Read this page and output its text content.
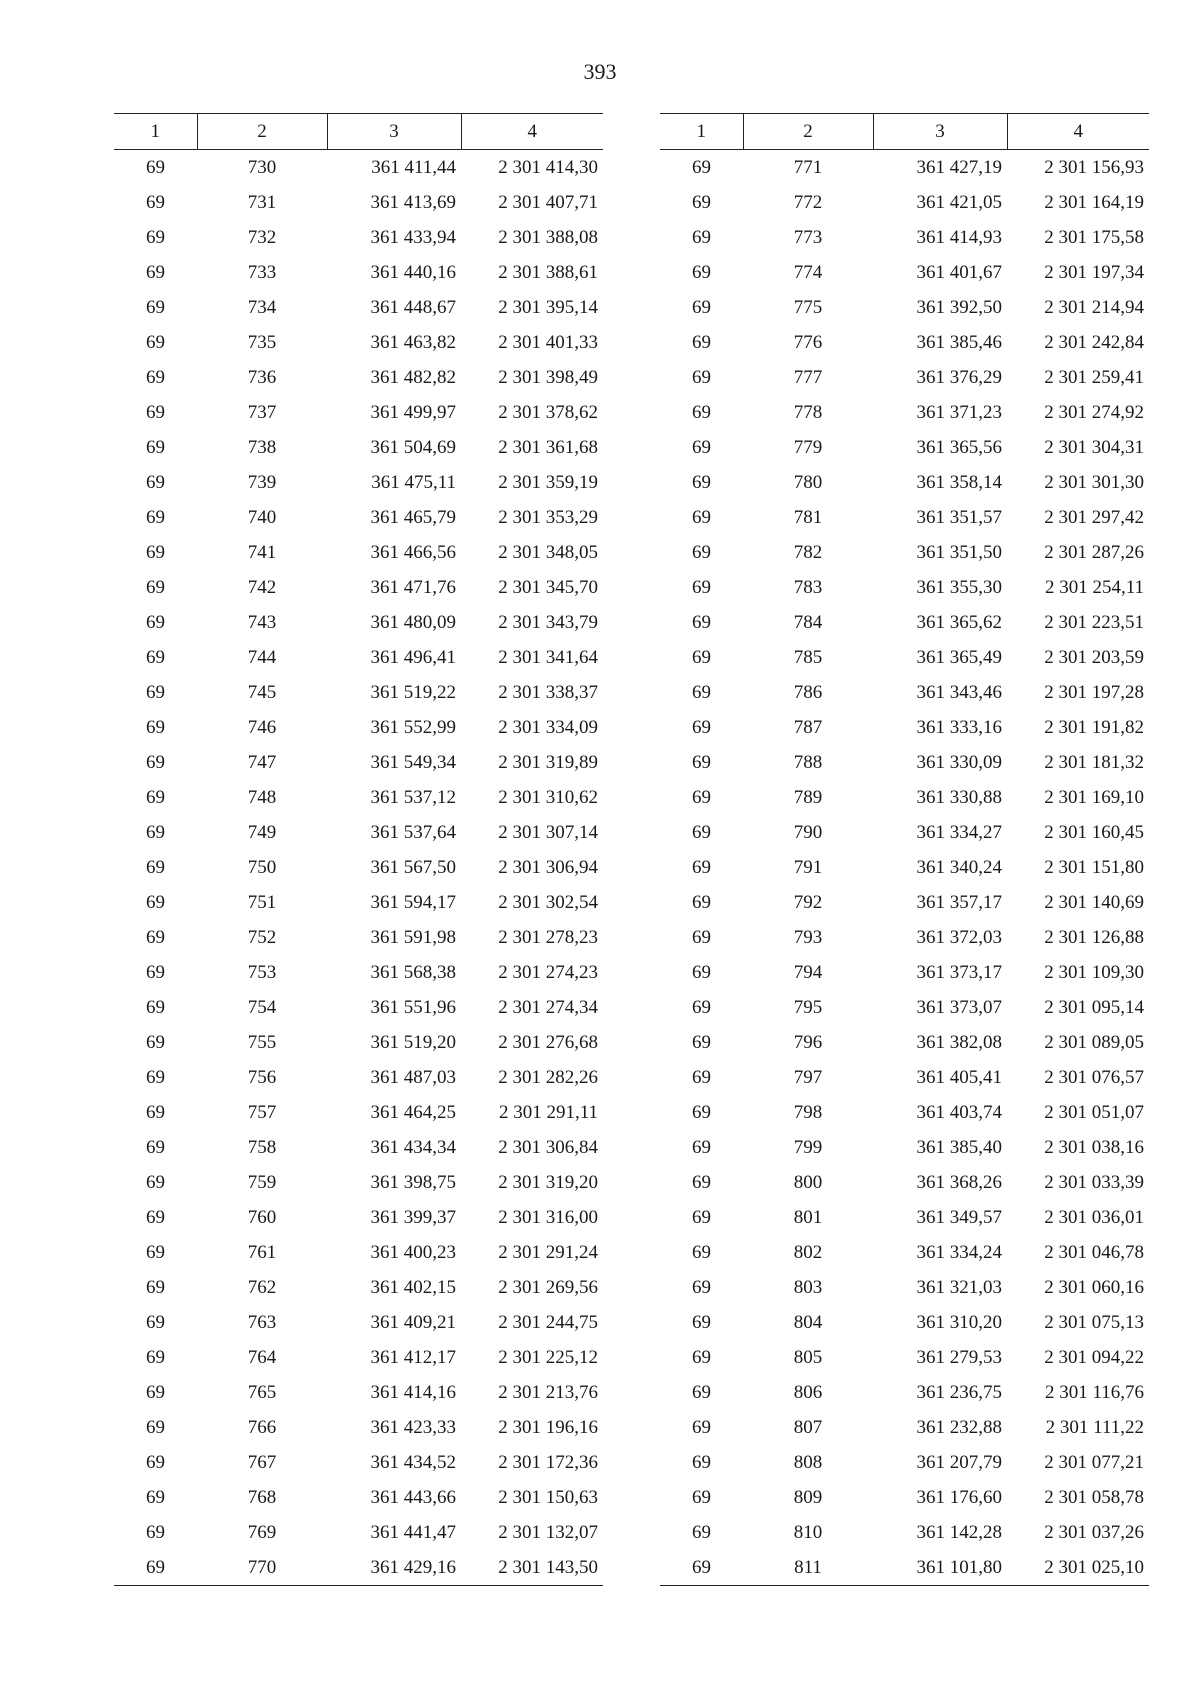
393
1	2	3	4
69	730	361 411,44	2 301 414,30
69	731	361 413,69	2 301 407,71
69	732	361 433,94	2 301 388,08
69	733	361 440,16	2 301 388,61
69	734	361 448,67	2 301 395,14
69	735	361 463,82	2 301 401,33
69	736	361 482,82	2 301 398,49
69	737	361 499,97	2 301 378,62
69	738	361 504,69	2 301 361,68
69	739	361 475,11	2 301 359,19
69	740	361 465,79	2 301 353,29
69	741	361 466,56	2 301 348,05
69	742	361 471,76	2 301 345,70
69	743	361 480,09	2 301 343,79
69	744	361 496,41	2 301 341,64
69	745	361 519,22	2 301 338,37
69	746	361 552,99	2 301 334,09
69	747	361 549,34	2 301 319,89
69	748	361 537,12	2 301 310,62
69	749	361 537,64	2 301 307,14
69	750	361 567,50	2 301 306,94
69	751	361 594,17	2 301 302,54
69	752	361 591,98	2 301 278,23
69	753	361 568,38	2 301 274,23
69	754	361 551,96	2 301 274,34
69	755	361 519,20	2 301 276,68
69	756	361 487,03	2 301 282,26
69	757	361 464,25	2 301 291,11
69	758	361 434,34	2 301 306,84
69	759	361 398,75	2 301 319,20
69	760	361 399,37	2 301 316,00
69	761	361 400,23	2 301 291,24
69	762	361 402,15	2 301 269,56
69	763	361 409,21	2 301 244,75
69	764	361 412,17	2 301 225,12
69	765	361 414,16	2 301 213,76
69	766	361 423,33	2 301 196,16
69	767	361 434,52	2 301 172,36
69	768	361 443,66	2 301 150,63
69	769	361 441,47	2 301 132,07
69	770	361 429,16	2 301 143,50
1	2	3	4
69	771	361 427,19	2 301 156,93
69	772	361 421,05	2 301 164,19
69	773	361 414,93	2 301 175,58
69	774	361 401,67	2 301 197,34
69	775	361 392,50	2 301 214,94
69	776	361 385,46	2 301 242,84
69	777	361 376,29	2 301 259,41
69	778	361 371,23	2 301 274,92
69	779	361 365,56	2 301 304,31
69	780	361 358,14	2 301 301,30
69	781	361 351,57	2 301 297,42
69	782	361 351,50	2 301 287,26
69	783	361 355,30	2 301 254,11
69	784	361 365,62	2 301 223,51
69	785	361 365,49	2 301 203,59
69	786	361 343,46	2 301 197,28
69	787	361 333,16	2 301 191,82
69	788	361 330,09	2 301 181,32
69	789	361 330,88	2 301 169,10
69	790	361 334,27	2 301 160,45
69	791	361 340,24	2 301 151,80
69	792	361 357,17	2 301 140,69
69	793	361 372,03	2 301 126,88
69	794	361 373,17	2 301 109,30
69	795	361 373,07	2 301 095,14
69	796	361 382,08	2 301 089,05
69	797	361 405,41	2 301 076,57
69	798	361 403,74	2 301 051,07
69	799	361 385,40	2 301 038,16
69	800	361 368,26	2 301 033,39
69	801	361 349,57	2 301 036,01
69	802	361 334,24	2 301 046,78
69	803	361 321,03	2 301 060,16
69	804	361 310,20	2 301 075,13
69	805	361 279,53	2 301 094,22
69	806	361 236,75	2 301 116,76
69	807	361 232,88	2 301 111,22
69	808	361 207,79	2 301 077,21
69	809	361 176,60	2 301 058,78
69	810	361 142,28	2 301 037,26
69	811	361 101,80	2 301 025,10
